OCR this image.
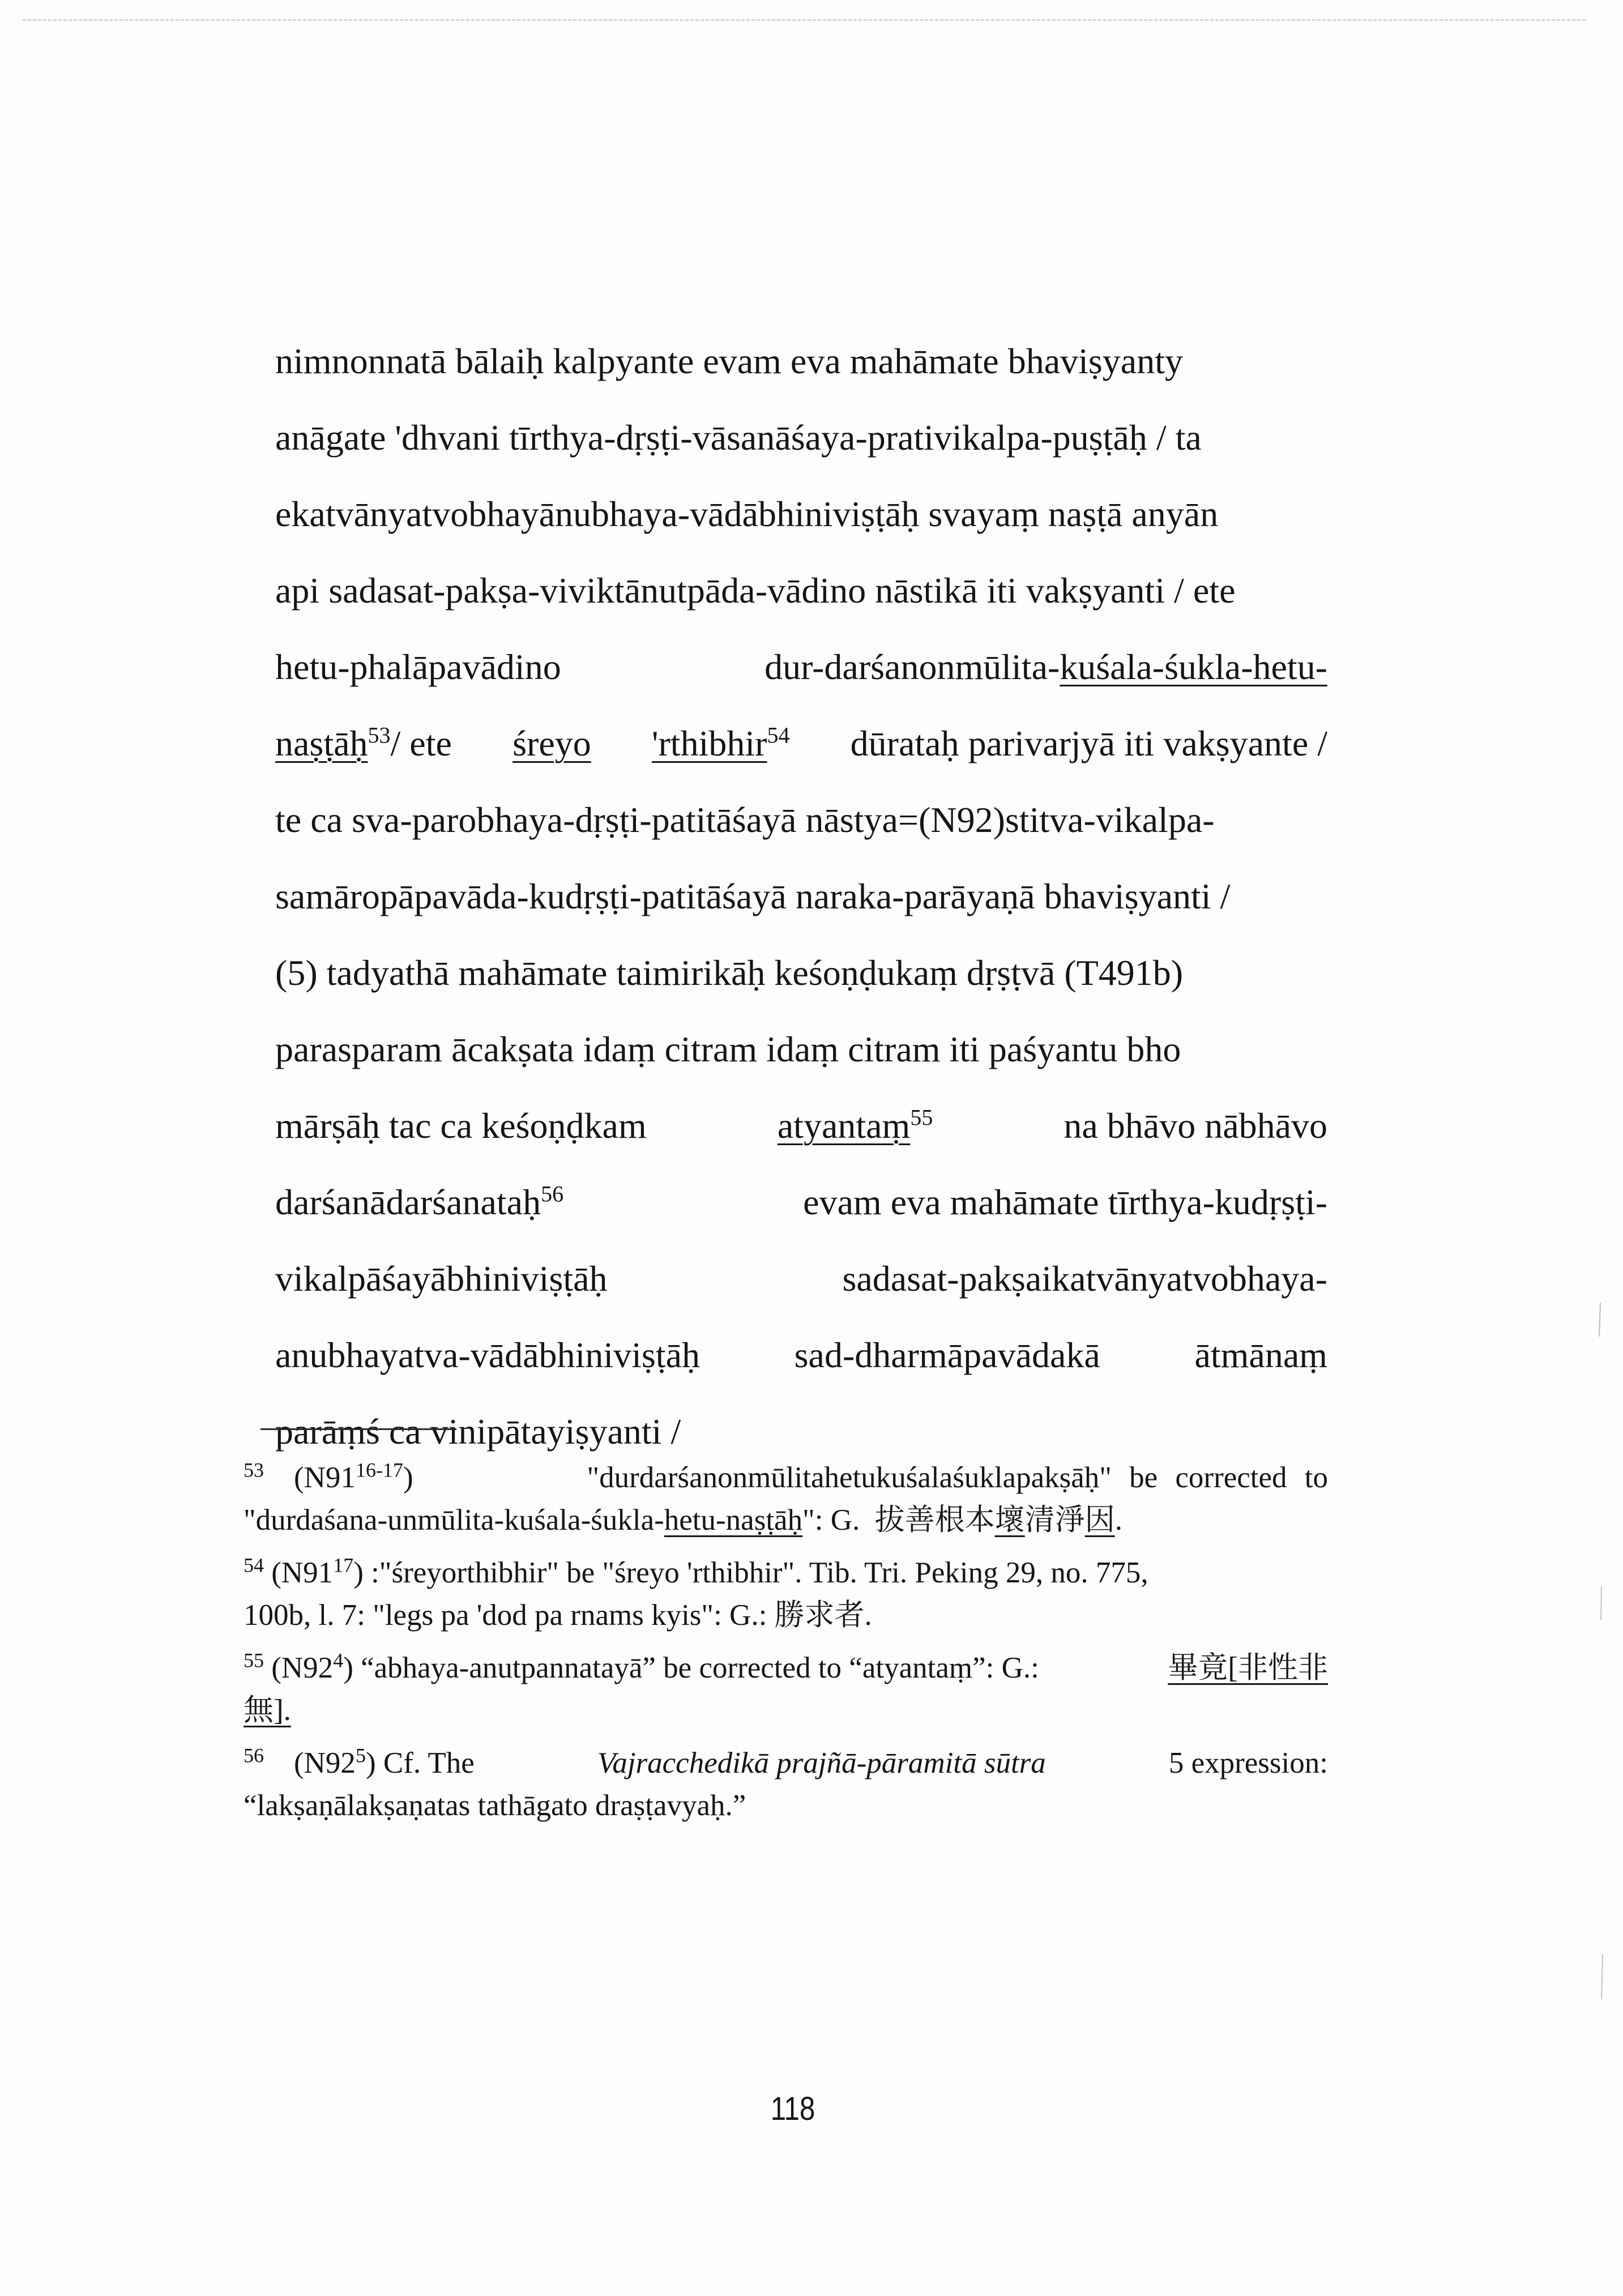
nimnonnatā bālaiḥ kalpyante evam eva mahāmate bhaviṣyanty
anāgate 'dhvani tīrthya-dṛṣṭi-vāsanāśaya-prativikalpa-puṣṭāḥ / ta
ekatvānyatvobhayānubhaya-vādābhiniviṣṭāḥ svayaṃ naṣṭā anyān
api sadasat-pakṣa-viviktānutpāda-vādino nāstikā iti vakṣyanti / ete
hetu-phalāpavādino	dur-darśanonmūlita-kuśala-śukla-hetu-
naṣṭāḥ$^{53}$/ ete śreyo 'rthibhir$^{54}$ dūrataḥ parivarjyā iti vakṣyante /
te ca sva-parobhaya-dṛṣṭi-patitāśayā nāstya=(N92)stitva-vikalpa-
samāropāpavāda-kudṛṣṭi-patitāśayā naraka-parāyaṇā bhaviṣyanti /
(5) tadyathā mahāmate taimirikāḥ keśoṇḍukaṃ dṛṣṭvā (T491b)
parasparam ācakṣata idaṃ citram idaṃ citram iti paśyantu bho
mārṣāḥ tac ca keśoṇḍkam	atyantaṃ$^{55}$	na bhāvo nābhāvo
darśanādarśanataḥ$^{56}$	evam eva mahāmate tīrthya-kudṛṣṭi-
vikalpāśayābhiniviṣṭāḥ	sadasat-pakṣaikatvānyatvobhaya-
anubhayatva-vādābhiniviṣṭāḥ	sad-dharmāpavādakā	ātmānaṃ
parāṃś ca vinipātayiṣyanti /
$^{53}$ (N91$^{16-17}$)	"durdarśanonmūlitahetukuśalaśuklapakṣāḥ" be corrected to
"durdaśana-unmūlita-kuśala-śukla-hetu-naṣṭāḥ": G. 拔善根本壞清淨因.
$^{54}$ $(N91^{17})$ :"śreyorthibhir" be "śreyo 'rthibhir". Tib. Tri. Peking 29, no. 775,
100b, l. 7: "legs pa 'dod pa rnams kyis": G.: 勝求者.
$^{55}$ $(N92^4)$ “abhaya-anutpannatayā” be corrected to “atyantaṃ”: G.:	畢竟[非性非
無].
$^{56}$ $(N92^5)$ Cf. The	Vajracchedikā prajñā-pāramitā sūtra	5 expression:
“lakṣaṇālakṣaṇatas tathāgato draṣṭavyaḥ.”
118
